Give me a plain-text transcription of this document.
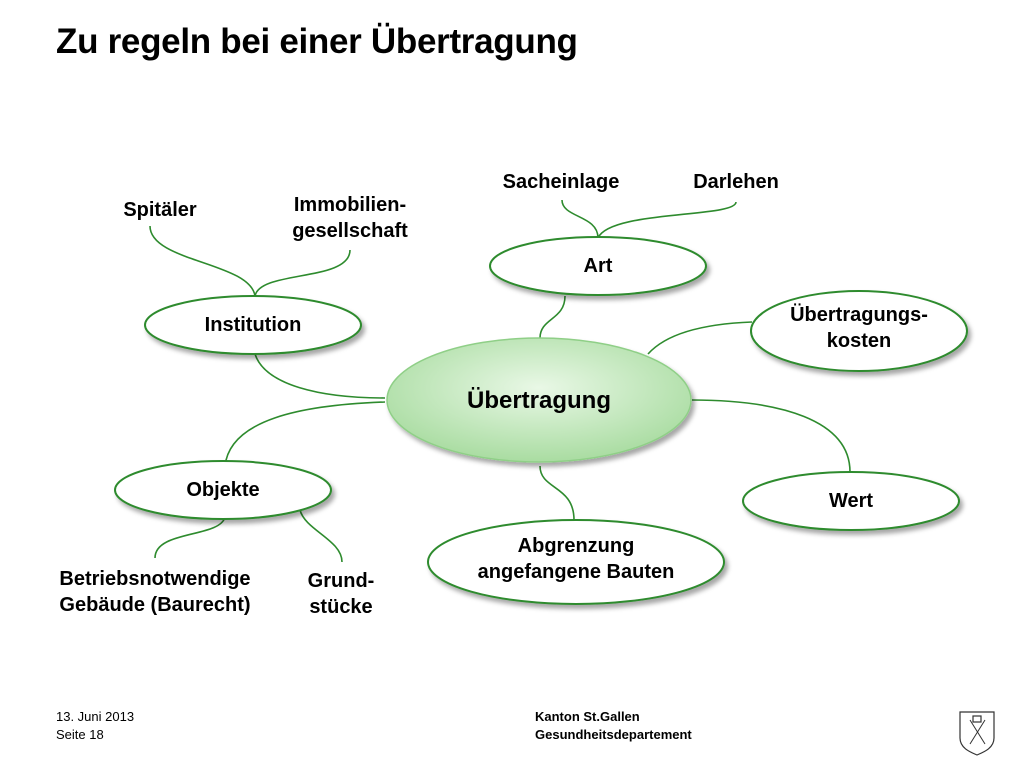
Zu regeln bei einer Übertragung
Übertragung
Institution
Art
Übertragungs-
kosten
Objekte	Wert
Abgrenzung
angefangene Bauten
Spitäler	Immobilien-
gesellschaft
Sacheinlage	Darlehen
Betriebsnotwendige
Gebäude (Baurecht)
Grund-
stücke
13. Juni 2013
Seite 18
Kanton St.Gallen
Gesundheitsdepartement
